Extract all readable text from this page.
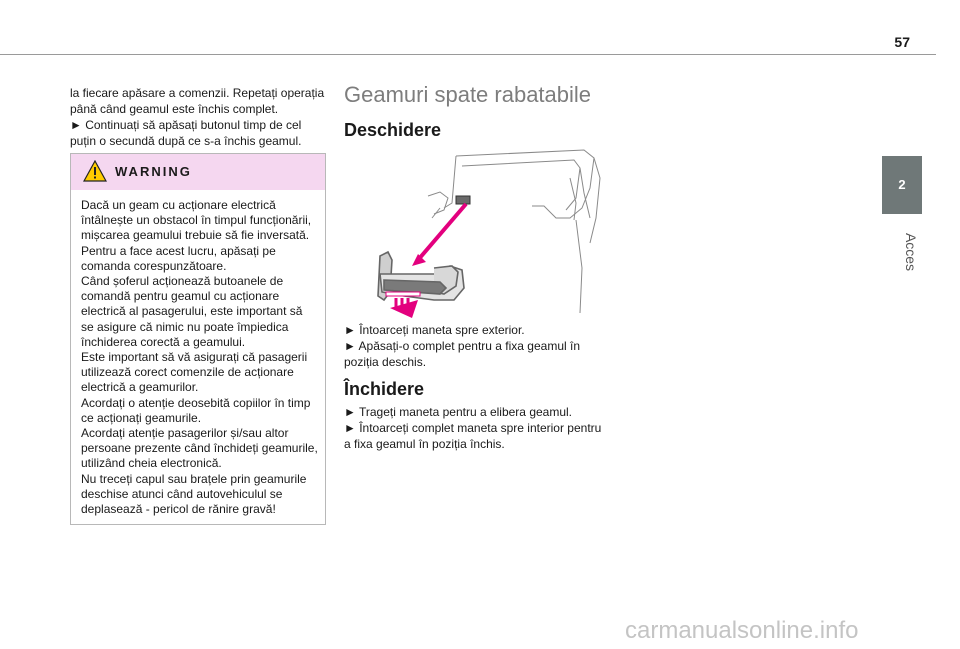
57
2
Acces
la fiecare apăsare a comenzii. Repetați operația
până când geamul este închis complet.
► Continuați să apăsați butonul timp de cel
puțin o secundă după ce s-a închis geamul.
WARNING
Dacă un geam cu acționare electrică
întâlnește un obstacol în timpul funcționării,
mișcarea geamului trebuie să fie inversată.
Pentru a face acest lucru, apăsați pe
comanda corespunzătoare.
Când șoferul acționează butoanele de
comandă pentru geamul cu acționare
electrică al pasagerului, este important să
se asigure că nimic nu poate împiedica
închiderea corectă a geamului.
Este important să vă asigurați că pasagerii
utilizează corect comenzile de acționare
electrică a geamurilor.
Acordați o atenție deosebită copiilor în timp
ce acționați geamurile.
Acordați atenție pasagerilor și/sau altor
persoane prezente când închideți geamurile,
utilizând cheia electronică.
Nu treceți capul sau brațele prin geamurile
deschise atunci când autovehiculul se
deplasează - pericol de rănire gravă!
Geamuri spate rabatabile
Deschidere
► Întoarceți maneta spre exterior.
► Apăsați-o complet pentru a fixa geamul în
poziția deschis.
Închidere
► Trageți maneta pentru a elibera geamul.
► Întoarceți complet maneta spre interior pentru
a fixa geamul în poziția închis.
carmanualsonline.info
